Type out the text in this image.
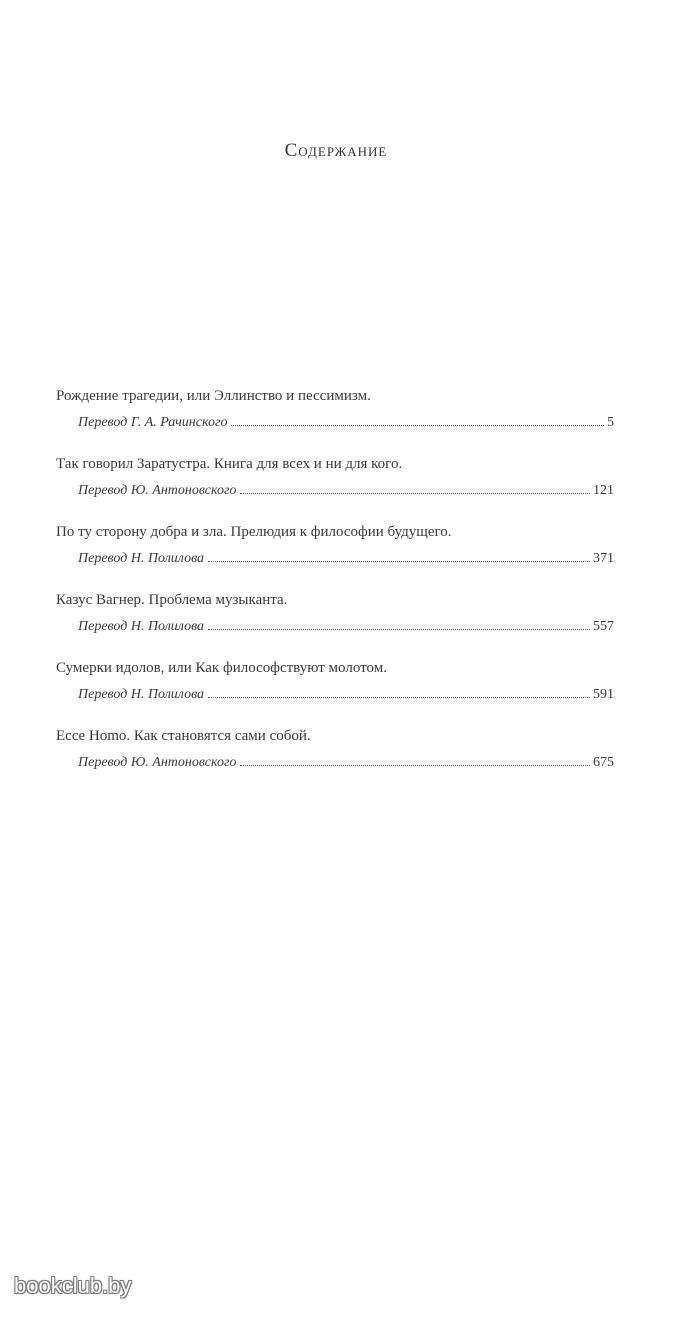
Содержание
Рождение трагедии, или Эллинство и пессимизм.
Перевод Г. А. Рачинского	5
Так говорил Заратустра. Книга для всех и ни для кого.
Перевод Ю. Антоновского	121
По ту сторону добра и зла. Прелюдия к философии будущего.
Перевод Н. Полилова	371
Казус Вагнер. Проблема музыканта.
Перевод Н. Полилова	557
Сумерки идолов, или Как философствуют молотом.
Перевод Н. Полилова	591
Ecce Homo. Как становятся сами собой.
Перевод Ю. Антоновского	675
bookclub.by
